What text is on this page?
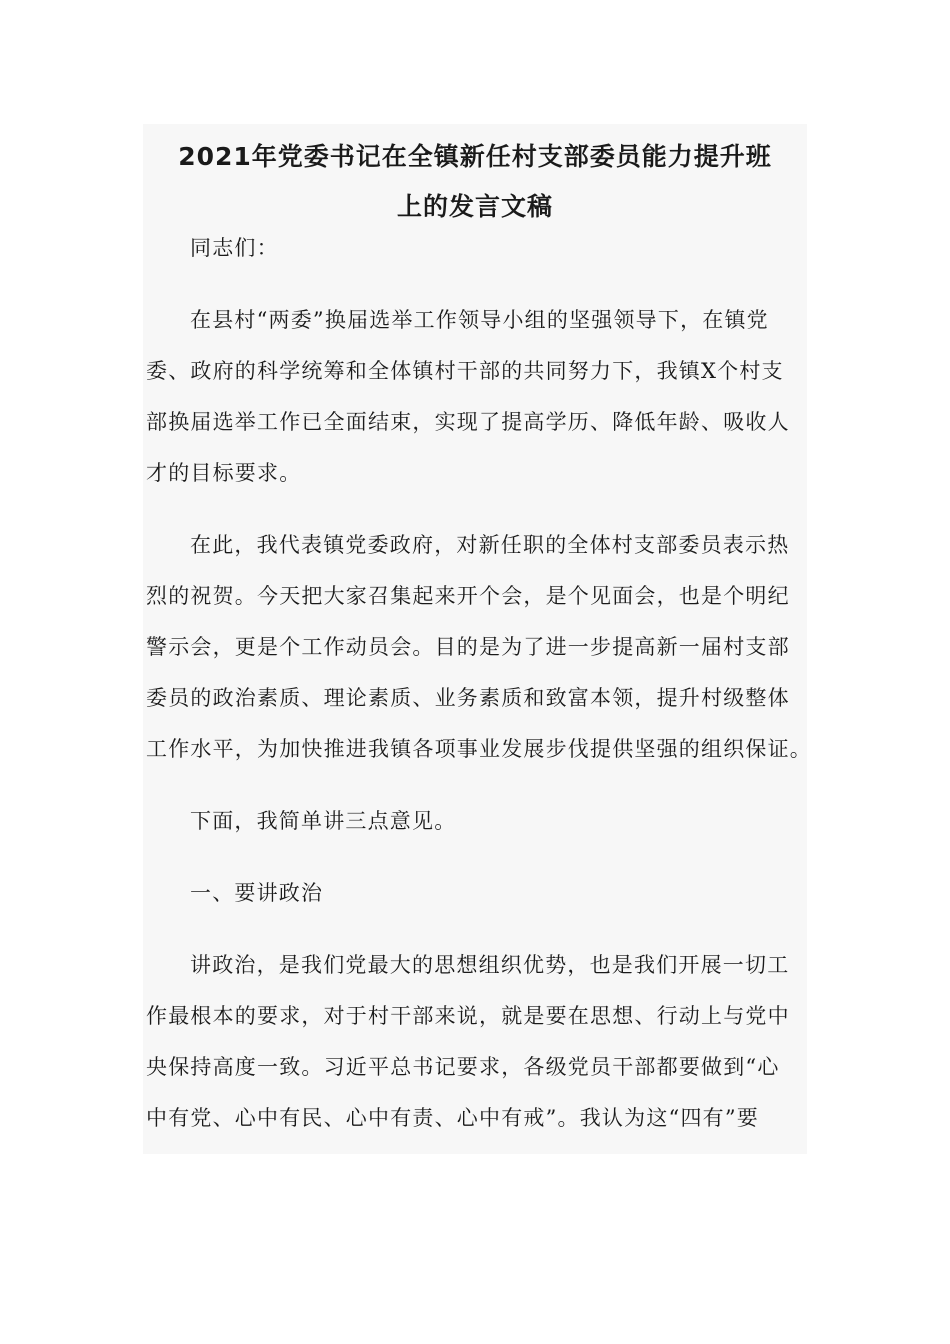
2021年党委书记在全镇新任村支部委员能力提升班
上的发言文稿

同志们：

在县村“两委”换届选举工作领导小组的坚强领导下，在镇党
委、政府的科学统筹和全体镇村干部的共同努力下，我镇X个村支
部换届选举工作已全面结束，实现了提高学历、降低年龄、吸收人
才的目标要求。

在此，我代表镇党委政府，对新任职的全体村支部委员表示热
烈的祝贺。今天把大家召集起来开个会，是个见面会，也是个明纪
警示会，更是个工作动员会。目的是为了进一步提高新一届村支部
委员的政治素质、理论素质、业务素质和致富本领，提升村级整体
工作水平，为加快推进我镇各项事业发展步伐提供坚强的组织保证。

下面，我简单讲三点意见。

一、要讲政治

讲政治，是我们党最大的思想组织优势，也是我们开展一切工
作最根本的要求，对于村干部来说，就是要在思想、行动上与党中
央保持高度一致。习近平总书记要求，各级党员干部都要做到“心
中有党、心中有民、心中有责、心中有戒”。我认为这“四有”要
